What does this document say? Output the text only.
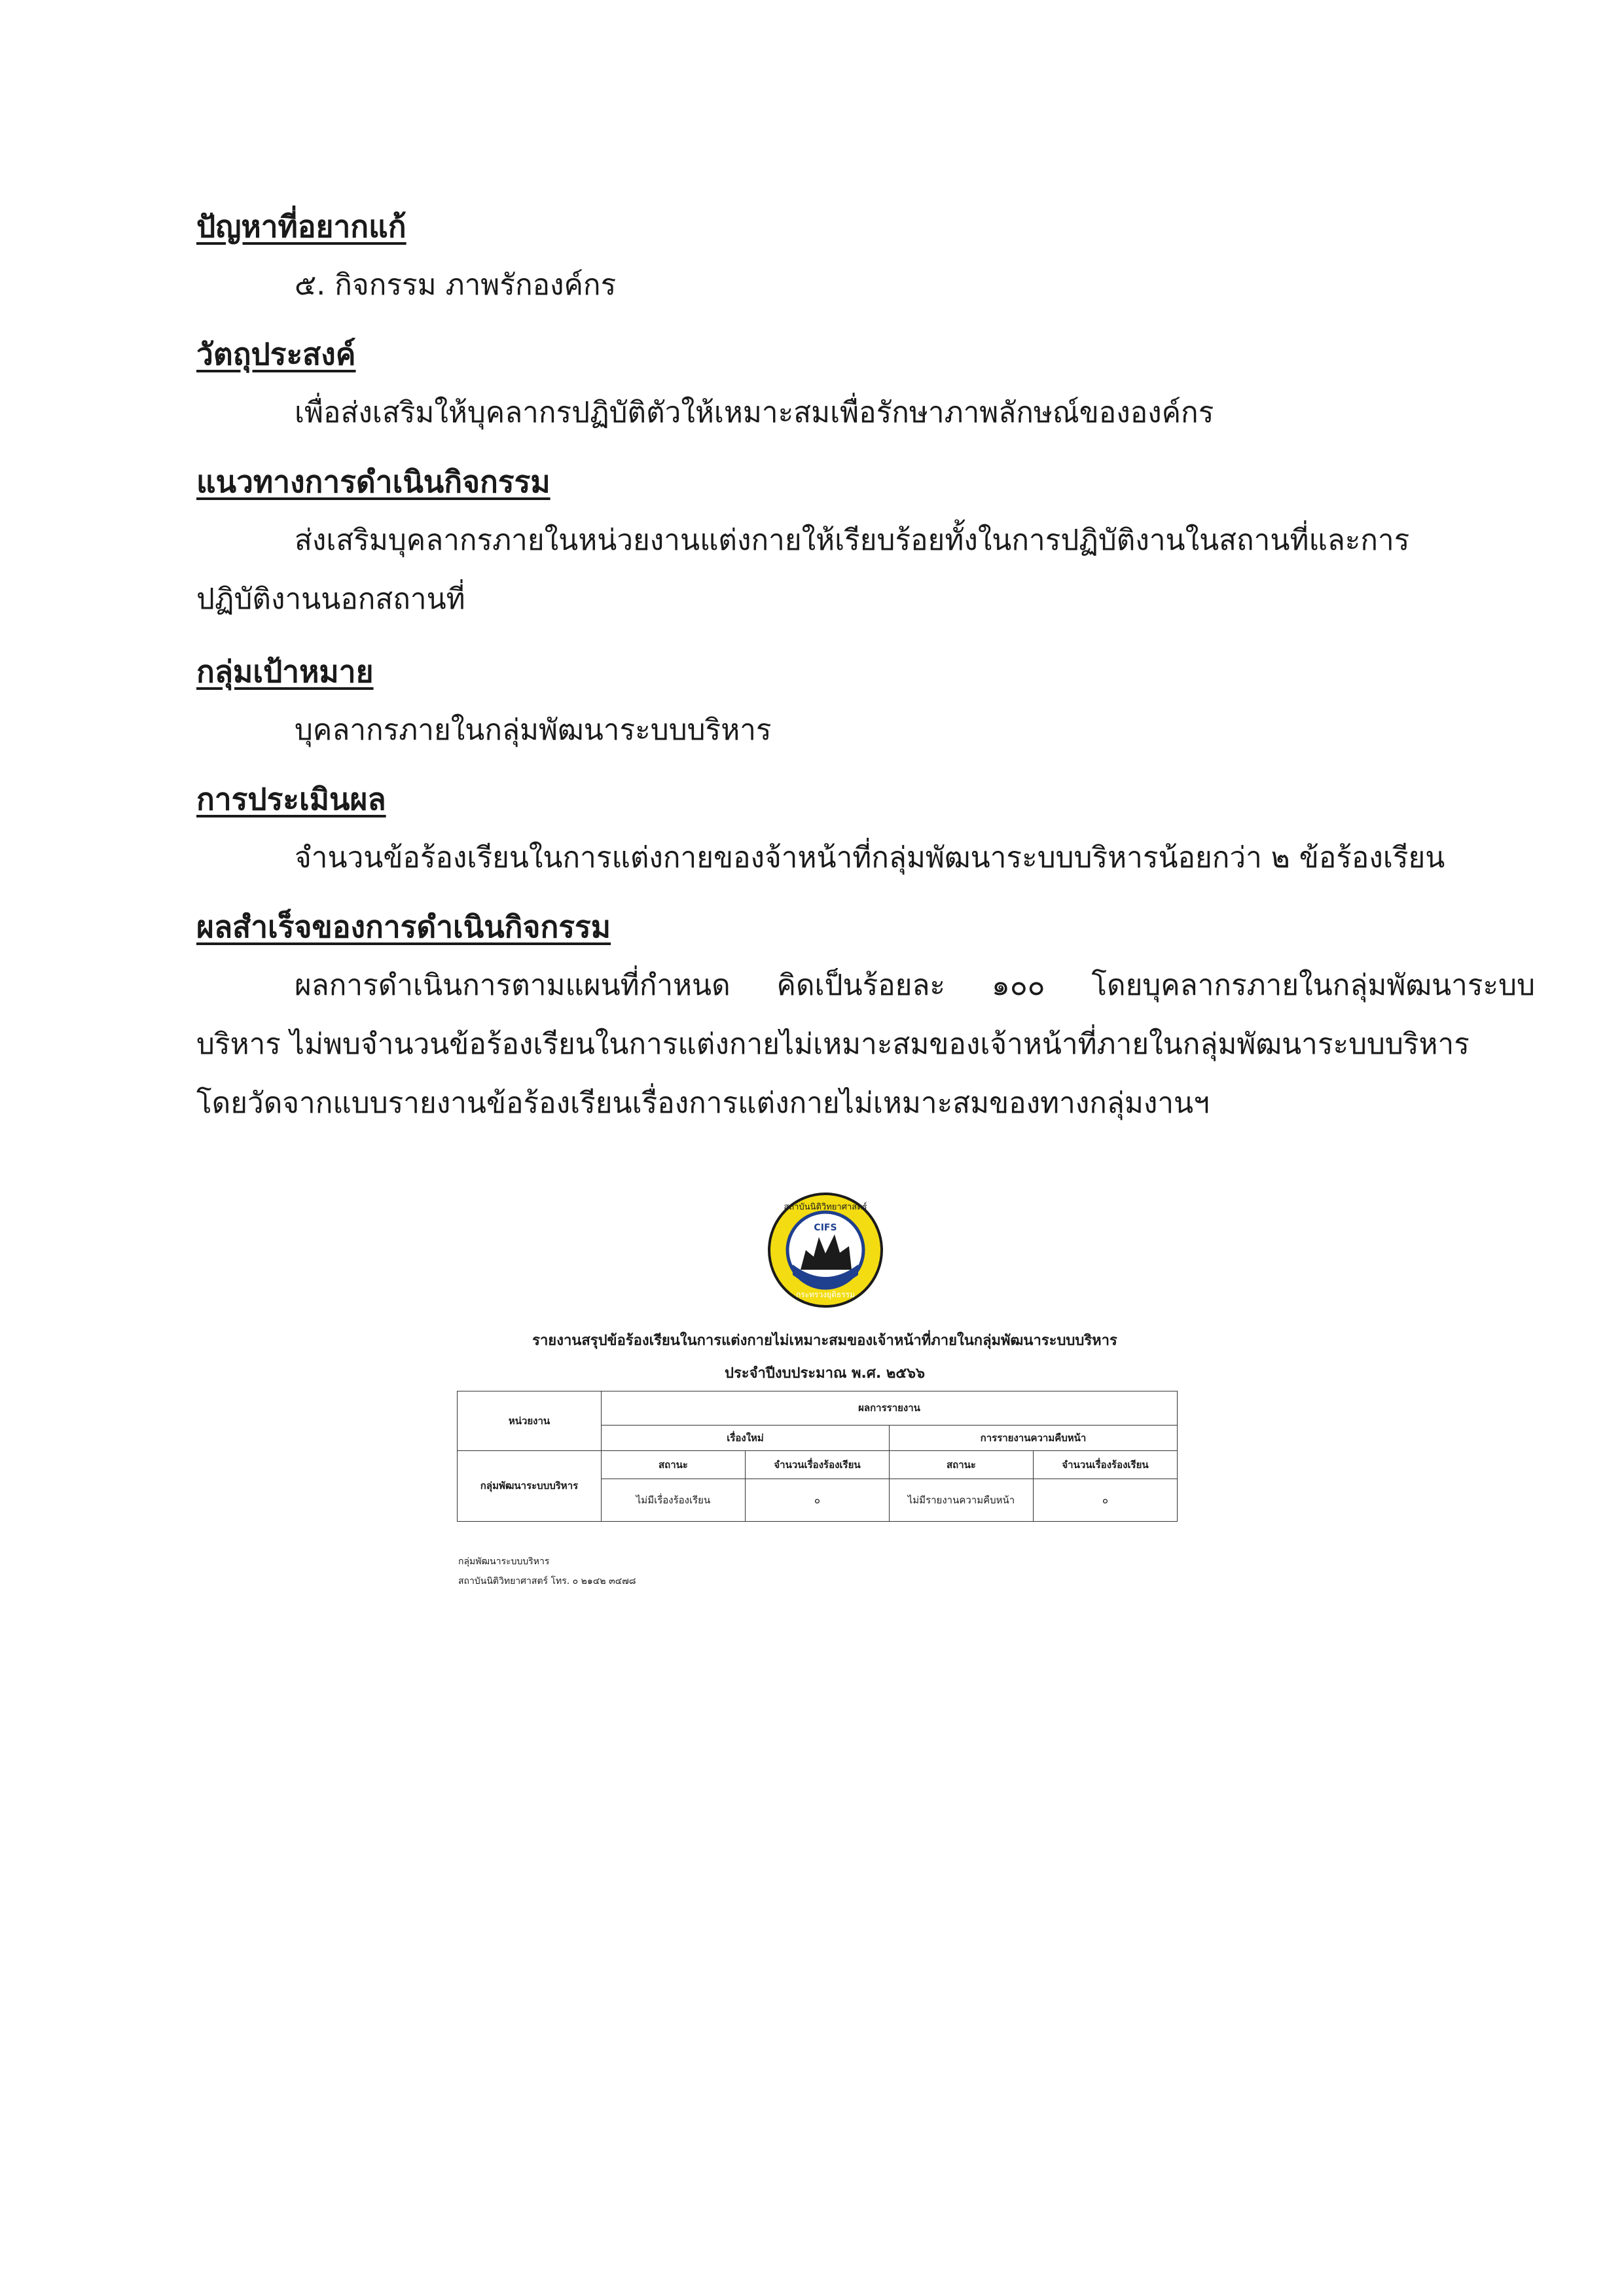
ปัญหาที่อยากแก้
๕. กิจกรรม ภาพรักองค์กร
วัตถุประสงค์
เพื่อส่งเสริมให้บุคลากรปฏิบัติตัวให้เหมาะสมเพื่อรักษาภาพลักษณ์ขององค์กร
แนวทางการดำเนินกิจกรรม
ส่งเสริมบุคลากรภายในหน่วยงานแต่งกายให้เรียบร้อยทั้งในการปฏิบัติงานในสถานที่และการ
ปฏิบัติงานนอกสถานที่
กลุ่มเป้าหมาย
บุคลากรภายในกลุ่มพัฒนาระบบบริหาร
การประเมินผล
จำนวนข้อร้องเรียนในการแต่งกายของจ้าหน้าที่กลุ่มพัฒนาระบบบริหารน้อยกว่า ๒ ข้อร้องเรียน
ผลสำเร็จของการดำเนินกิจกรรม
ผลการดำเนินการตามแผนที่กำหนด คิดเป็นร้อยละ ๑๐๐ โดยบุคลากรภายในกลุ่มพัฒนาระบบ
บริหาร ไม่พบจำนวนข้อร้องเรียนในการแต่งกายไม่เหมาะสมของเจ้าหน้าที่ภายในกลุ่มพัฒนาระบบบริหาร
โดยวัดจากแบบรายงานข้อร้องเรียนเรื่องการแต่งกายไม่เหมาะสมของทางกลุ่มงานฯ
สถาบันนิติวิทยาศาสตร์
CIFS
กระทรวงยุติธรรม
รายงานสรุปข้อร้องเรียนในการแต่งกายไม่เหมาะสมของเจ้าหน้าที่ภายในกลุ่มพัฒนาระบบบริหาร
ประจำปีงบประมาณ พ.ศ. ๒๕๖๖
หน่วยงาน	ผลการรายงาน			
	เรื่องใหม่		การรายงานความคืบหน้า	
กลุ่มพัฒนาระบบบริหาร	สถานะ	จำนวนเรื่องร้องเรียน	สถานะ	จำนวนเรื่องร้องเรียน
	ไม่มีเรื่องร้องเรียน	๐	ไม่มีรายงานความคืบหน้า	๐
กลุ่มพัฒนาระบบบริหาร
สถาบันนิติวิทยาศาสตร์ โทร. ๐ ๒๑๔๒ ๓๔๗๘
